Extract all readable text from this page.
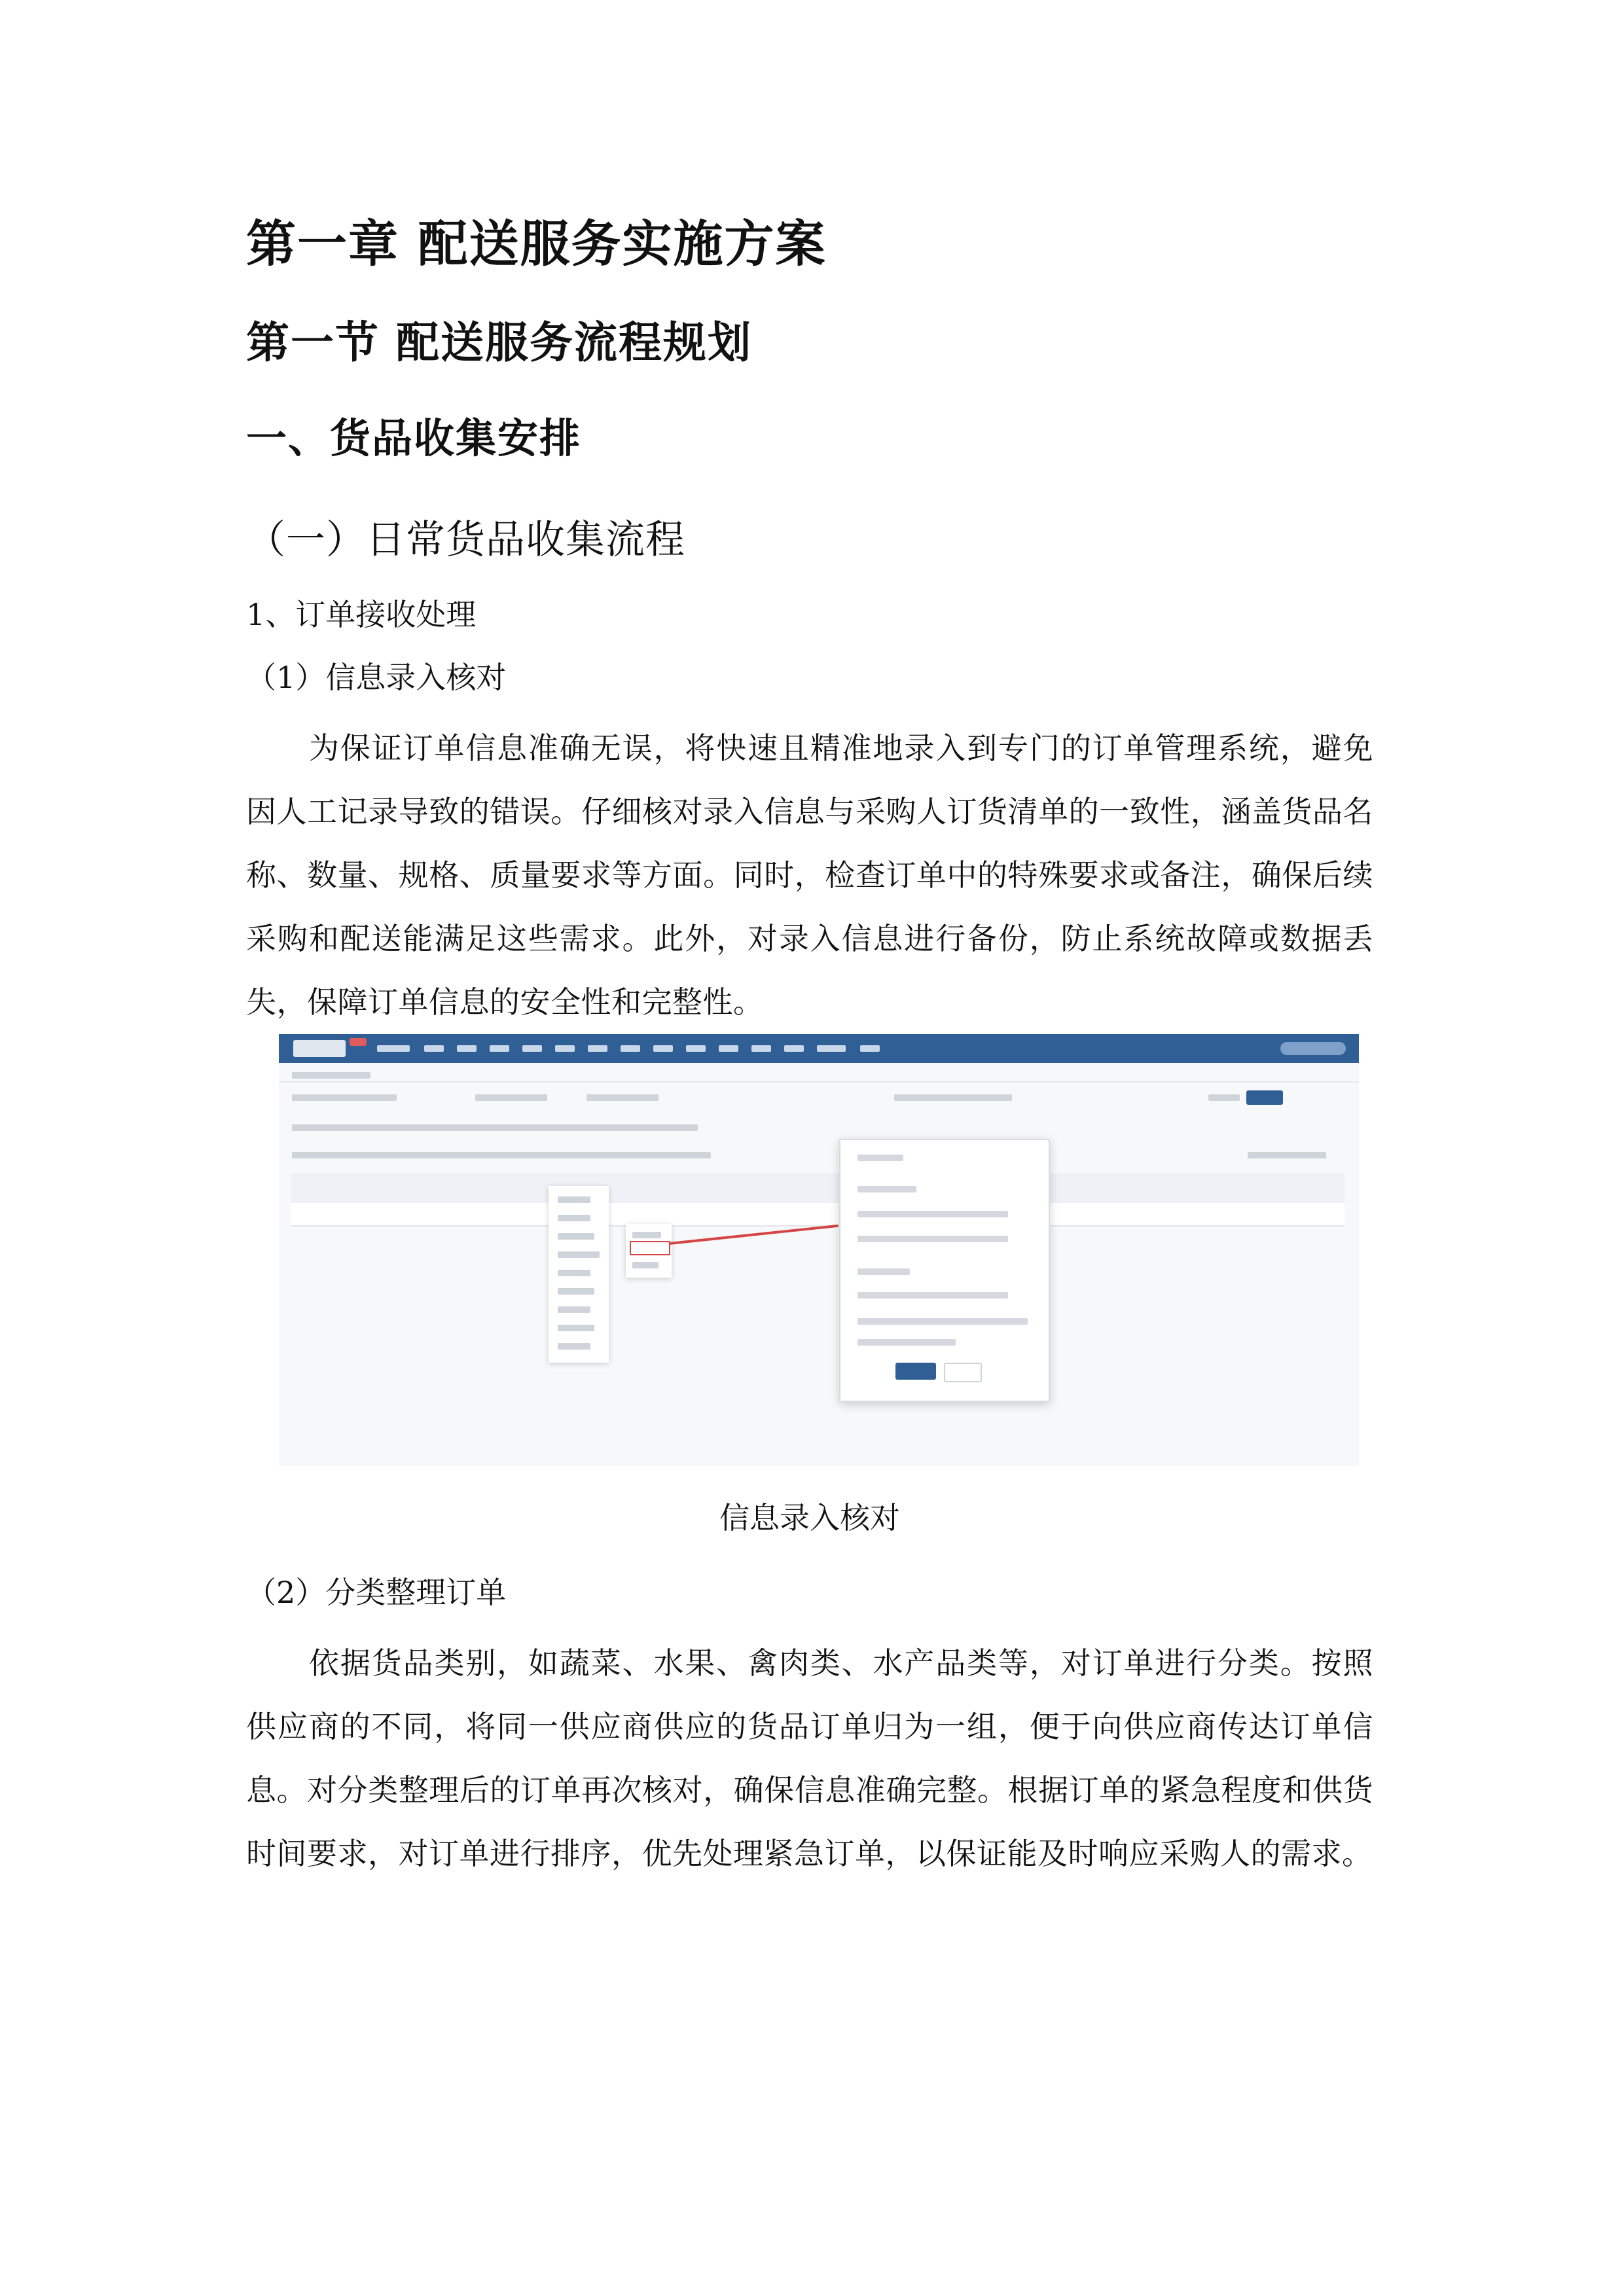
第一章 配送服务实施方案
第一节 配送服务流程规划
一、货品收集安排
（一）日常货品收集流程

1、订单接收处理

（1）信息录入核对

为保证订单信息准确无误，将快速且精准地录入到专门的订单管理系统，避免因人工记录导致的错误。仔细核对录入信息与采购人订货清单的一致性，涵盖货品名称、数量、规格、质量要求等方面。同时，检查订单中的特殊要求或备注，确保后续采购和配送能满足这些需求。此外，对录入信息进行备份，防止系统故障或数据丢失，保障订单信息的安全性和完整性。

信息录入核对

（2）分类整理订单

依据货品类别，如蔬菜、水果、禽肉类、水产品类等，对订单进行分类。按照供应商的不同，将同一供应商供应的货品订单归为一组，便于向供应商传达订单信息。对分类整理后的订单再次核对，确保信息准确完整。根据订单的紧急程度和供货时间要求，对订单进行排序，优先处理紧急订单，以保证能及时响应采购人的需求。
